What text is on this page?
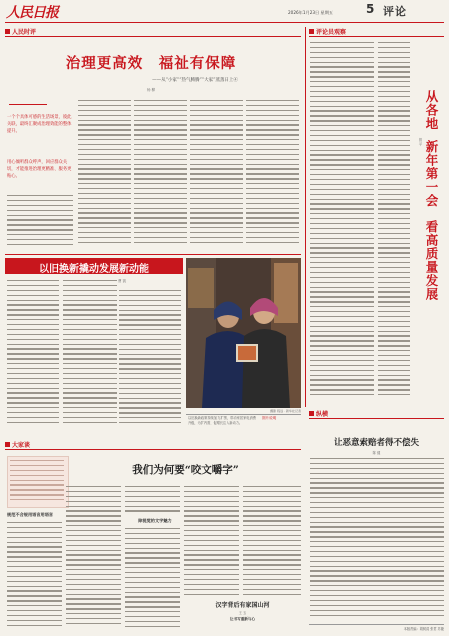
人民日报	2026年1月23日 星期五	5 评论
人民时评
治理更高效　福祉有保障
——从“小家”“热气腾腾”“大家”蒸蒸日上④
杨 柳
一个个具体可感的生活场景，彼此关联，最终汇聚成治理效能的整体提升。
用心倾听群众呼声，回应群众关切，才能推进治理更精准、服务更贴心。
评论员观察
从各地
新年第一会
看高质量发展
曾 平
以旧换新撬动发展新动能
曹 凯
摄影 程远 · 新华社记者
以旧换新政策持续加力扩围，带动家居家电消费升级，为扩内需、促增长注入新动力。
图片说明	纵横
让恶意索赔者得不偿失
陈 健
大家谈
我们为何要“咬文嚼字”
规范不合规用语言用语言
除视觉的文字魅力
汉字背后有家国山河
王 玉
让书写重新与心
本版责编：胡树清 张君 苏婕
